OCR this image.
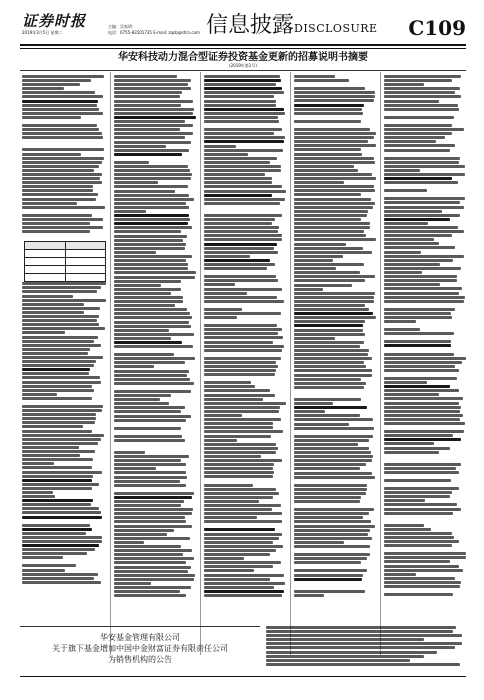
证券时报
2019年3月5日 星期二
主编：吴家明
电话：0755-83501735 E-mail: zqsb@stcn.com 信息披露DISCLOSURE C109
华安科技动力混合型证券投资基金更新的招募说明书摘要
(2019年第1号)

华安基金管理有限公司
关于旗下基金增加中国中金财富证券有限责任公司
为销售机构的公告
